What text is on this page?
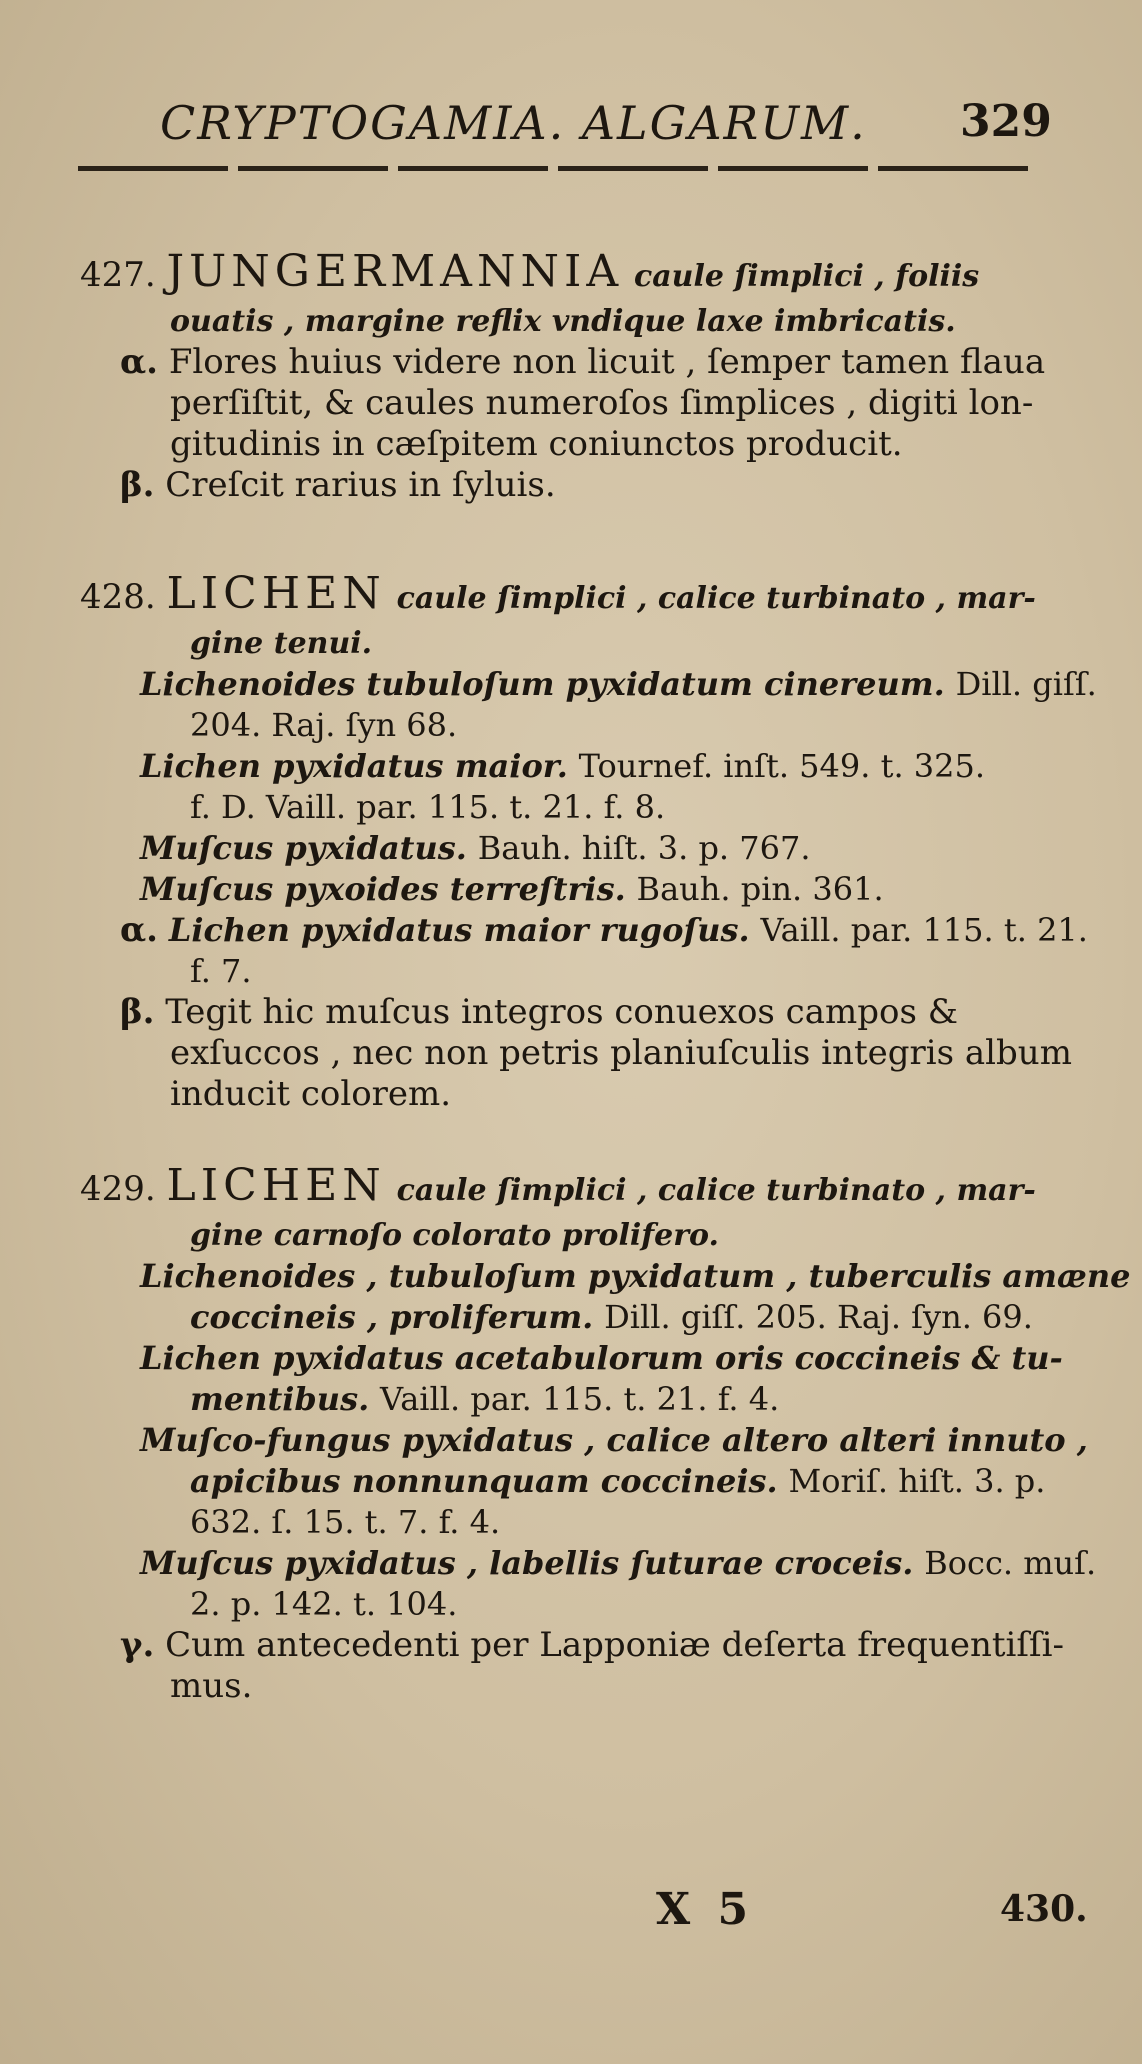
CRYPTOGAMIA. ALGARUM. 329
427. JUNGERMANNIA caule ſimplici , foliis
ouatis , margine reflix vndique laxe imbricatis.
α. Flores huius videre non licuit , ſemper tamen flaua
perſiſtit, & caules numeroſos ſimplices , digiti lon-
gitudinis in cæſpitem coniunctos producit.
β. Creſcit rarius in ſyluis.
428. LICHEN caule ſimplici , calice turbinato , mar-
gine tenui.
Lichenoides tubuloſum pyxidatum cinereum. Dill. giſſ.
204. Raj. ſyn 68.
Lichen pyxidatus maior. Tournef. inſt. 549. t. 325.
f. D. Vaill. par. 115. t. 21. f. 8.
Muſcus pyxidatus. Bauh. hiſt. 3. p. 767.
Muſcus pyxoides terreſtris. Bauh. pin. 361.
α. Lichen pyxidatus maior rugoſus. Vaill. par. 115. t. 21.
f. 7.
β. Tegit hic muſcus integros conuexos campos &
exſuccos , nec non petris planiuſculis integris album
inducit colorem.
429. LICHEN caule ſimplici , calice turbinato , mar-
gine carnoſo colorato prolifero.
Lichenoides , tubuloſum pyxidatum , tuberculis amæne
coccineis , proliferum. Dill. giſſ. 205. Raj. ſyn. 69.
Lichen pyxidatus acetabulorum oris coccineis & tu-
mentibus. Vaill. par. 115. t. 21. f. 4.
Muſco-fungus pyxidatus , calice altero alteri innuto ,
apicibus nonnunquam coccineis. Moriſ. hiſt. 3. p.
632. ſ. 15. t. 7. f. 4.
Muſcus pyxidatus , labellis ſuturae croceis. Bocc. muſ.
2. p. 142. t. 104.
γ. Cum antecedenti per Lapponiæ deſerta frequentiſſi-
mus.
X 5	430.
